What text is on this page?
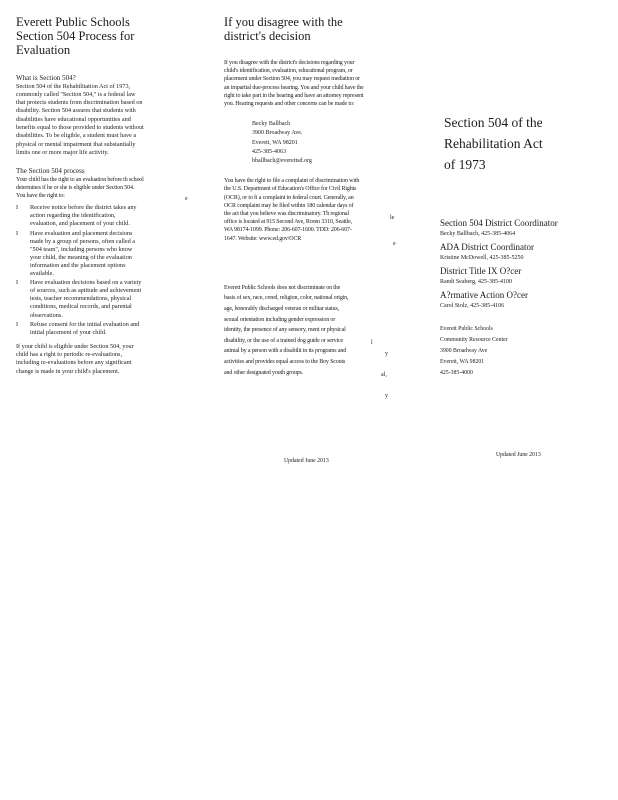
Everett Public Schools Section 504 Process for Evaluation

What is Section 504?

Section 504 of the Rehabilitation Act of 1973, commonly called "Section 504," is a federal law that protects students from discrimination based on disability. Section 504 assures that students with disabilities have educational opportunities and benefits equal to those provided to students without disabilities. To be eligible, a student must have a physical or mental impairment that substantially limits one or more major life activity.

The Section 504 process

Your child has the right to an evaluation before th school determines if he or she is eligible under Section 504. You have the right to:

I Receive notice before the district takes any action regarding the identification, evaluation, and placement of your child.
I Have evaluation and placement decisions made by a group of persons, often called a "504 team", including persons who know your child, the meaning of the evaluation information and the placement options available.
I Have evaluation decisions based on a variety of sources, such as aptitude and achievement tests, teacher recommendations, physical conditions, medical records, and parental observations.
I Refuse consent for the initial evaluation and initial placement of your child.

If your child is eligible under Section 504, your child has a right to periodic re-evaluations, including re-evaluations before any significant change is made in your child's placement.

e
If you disagree with the district's decision

If you disagree with the district's decisions regarding your child's identification, evaluation, educational program, or placement under Section 504, you may request mediation or an impartial due-process hearing. You and your child have the right to take part in the hearing and have an attorney represent you. Hearing requests and other concerns can be made to:

Becky Ballbach
3900 Broadway Ave.
Everett, WA 98201
425-385-4063
bballbach@everettsd.org

You have the right to file a complaint of discrimination with the U.S. Department of Education's Office for Civil Rights (OCR), or to fi a complaint in federal court. Generally, an OCR complaint may be filed within 180 calendar days of the act that you believe was discriminatory. Th regional office is located at 915 Second Ave, Room 3310, Seattle, WA 98174-1099. Phone: 206-607-1600. TDD: 206-607-1647. Website: www.ed.gov/OCR

Everett Public Schools does not discriminate on the basis of sex, race, creed, religion, color, national origin, age, honorably discharged veteran or militar status, sexual orientation including gender expression or identity, the presence of any sensory, ment or physical disability, or the use of a trained dog guide or service animal by a person with a disabilit in its programs and activities and provides equal access to the Boy Scouts and other designated youth groups.

le
e
l
y
al,
y
Updated June 2013
Section 504 of the
Rehabilitation Act
of 1973
Section 504 District Coordinator
Becky Ballbach, 425-385-4064
ADA District Coordinator
Kristine McDowell, 425-385-5250
District Title IX O?cer
Randi Seaberg, 425-385-4100
A?rmative Action O?cer
Carol Stolz, 425-385-4106
Everett Public Schools
Community Resource Center
3900 Broadway Ave
Everett, WA 98201
425-385-4000
Updated June 2013
